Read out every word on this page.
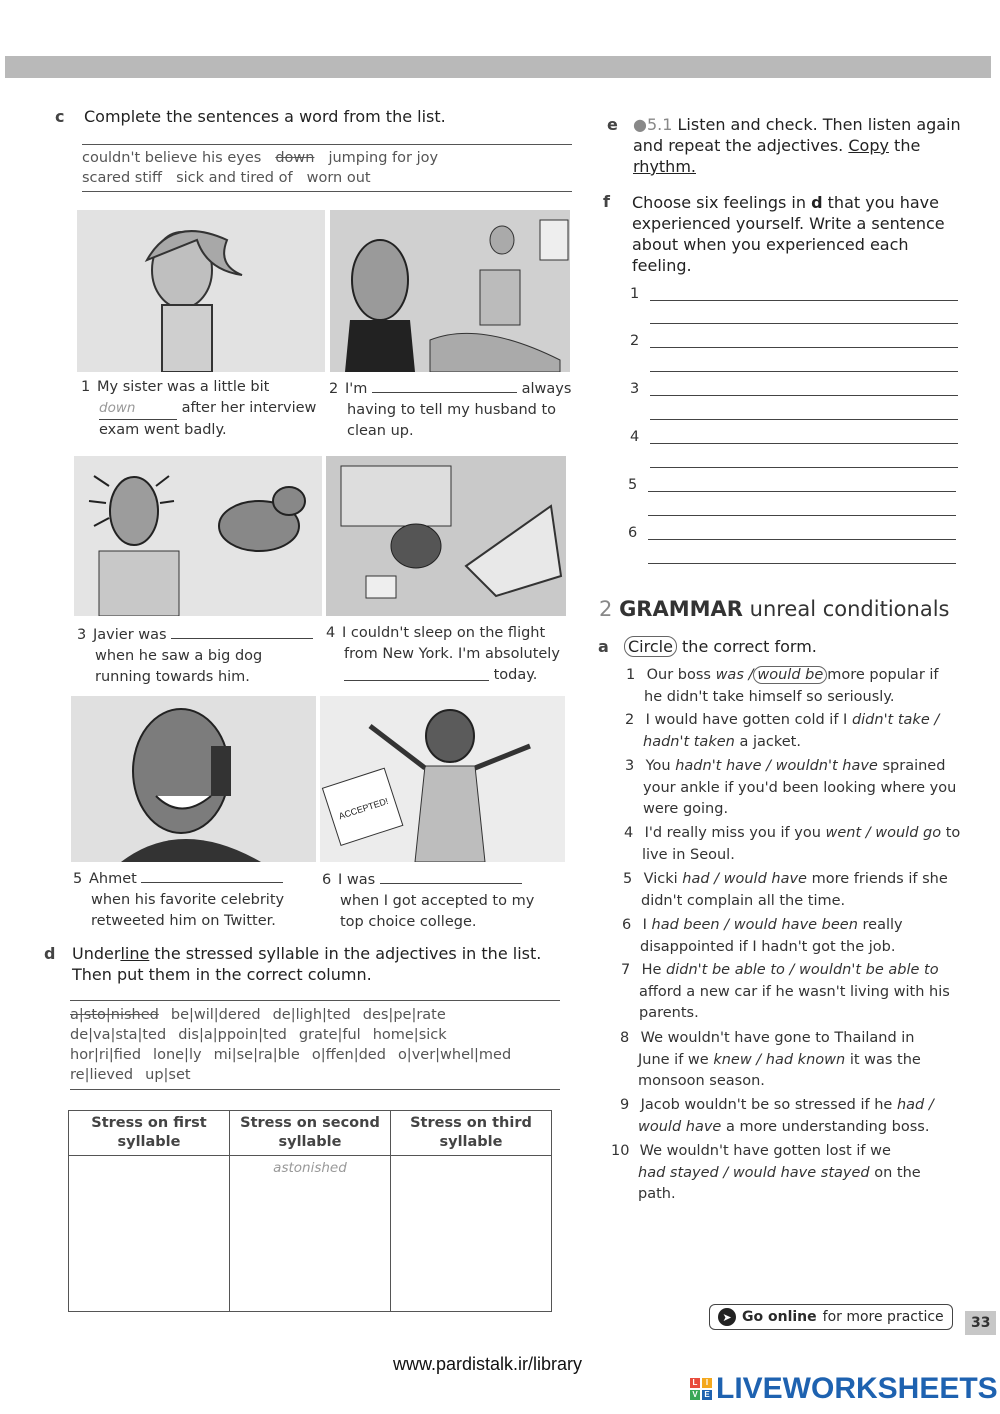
c Complete the sentences a word from the list.
couldn't believe his eyes down jumping for joy
scared stiff sick and tired of worn out
1 My sister was a little bit
down	after her interview
exam went badly.
2 I'm	always
having to tell my husband to
clean up.
3 Javier was
when he saw a big dog
running towards him.
4 I couldn't sleep on the flight
from New York. I'm absolutely
today.
ACCEPTED!
5 Ahmet
when his favorite celebrity
retweeted him on Twitter.
6 I was
when I got accepted to my
top choice college.
d Underline the stressed syllable in the adjectives in the list.
Then put them in the correct column.
a|sto|nished be|wil|dered de|ligh|ted des|pe|rate
de|va|sta|ted dis|a|ppoin|ted grate|ful home|sick
hor|ri|fied lone|ly mi|se|ra|ble o|ffen|ded o|ver|whel|med
re|lieved up|set
Stress on first syllable	Stress on second syllable	Stress on third syllable
	astonished	
e ●5.1 Listen and check. Then listen again
and repeat the adjectives. Copy the
rhythm.
f Choose six feelings in d that you have
experienced yourself. Write a sentence
about when you experienced each
feeling.
1
2
3
4
5
6
2 GRAMMAR unreal conditionals
a Circle the correct form.
1 Our boss was / would be more popular if
he didn't take himself so seriously.
2 I would have gotten cold if I didn't take /
hadn't taken a jacket.
3 You hadn't have / wouldn't have sprained
your ankle if you'd been looking where you
were going.
4 I'd really miss you if you went / would go to
live in Seoul.
5 Vicki had / would have more friends if she
didn't complain all the time.
6 I had been / would have been really
disappointed if I hadn't got the job.
7 He didn't be able to / wouldn't be able to
afford a new car if he wasn't living with his
parents.
8 We wouldn't have gone to Thailand in
June if we knew / had known it was the
monsoon season.
9 Jacob wouldn't be so stressed if he had /
would have a more understanding boss.
10 We wouldn't have gotten lost if we
had stayed / would have stayed on the
path.
➤ Go online for more practice	33
www.pardistalk.ir/library
L	I
V E LIVEWORKSHEETS
